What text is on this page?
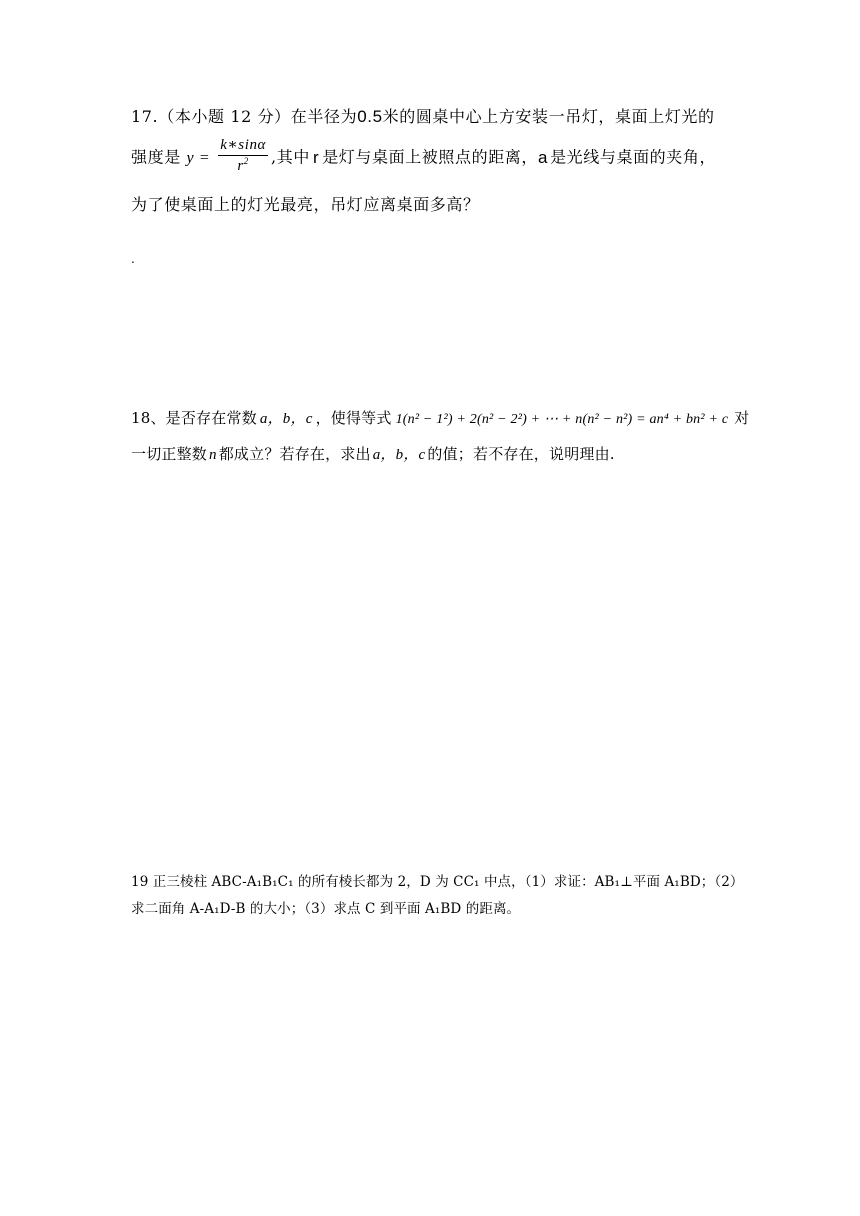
17.（本小题 12 分）在半径为0.5米的圆桌中心上方安装一吊灯，桌面上灯光的
强度是 $y = \frac{k∗\sin\alpha}{r^2}$ ,其中 r 是灯与桌面上被照点的距离，a 是光线与桌面的夹角，
为了使桌面上的灯光最亮，吊灯应离桌面多高？
.
18、是否存在常数 a，b，c ，使得等式 1(n² − 1²) + 2(n² − 2²) + ⋯ + n(n² − n²) = an⁴ + bn² + c 对
一切正整数 n 都成立？若存在，求出 a，b，c 的值；若不存在，说明理由.
19 正三棱柱 ABC-A₁B₁C₁ 的所有棱长都为 2，D 为 CC₁ 中点，（1）求证：AB₁⊥平面 A₁BD；（2）
求二面角 A-A₁D-B 的大小；（3）求点 C 到平面 A₁BD 的距离。
